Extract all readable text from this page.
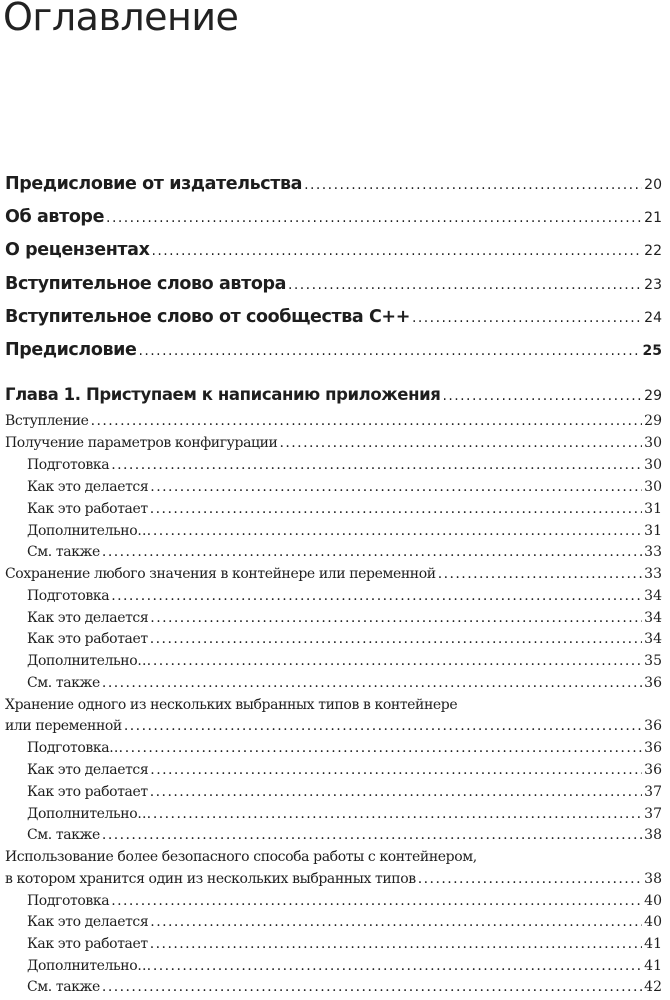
Оглавление
Предисловие от издательства . . .	20
Об авторе . . .	21
О рецензентах . . .	22
Вступительное слово автора . . .	23
Вступительное слово от сообщества C++ . . .	24
Предисловие . . .	25
Глава 1. Приступаем к написанию приложения . . .	29
Вступление . . .	29
Получение параметров конфигурации . . .	30
Подготовка . . .	30
Как это делается . . .	30
Как это работает . . .	31
Дополнительно… . . .	31
См. также . . .	33
Сохранение любого значения в контейнере или переменной . . .	33
Подготовка . . .	34
Как это делается . . .	34
Как это работает . . .	34
Дополнительно… . . .	35
См. также . . .	36
Хранение одного из нескольких выбранных типов в контейнере
или переменной . . .	36
Подготовка… . . .	36
Как это делается . . .	36
Как это работает . . .	37
Дополнительно… . . .	37
См. также . . .	38
Использование более безопасного способа работы с контейнером,
в котором хранится один из нескольких выбранных типов . . .	38
Подготовка . . .	40
Как это делается . . .	40
Как это работает . . .	41
Дополнительно… . . .	41
См. также . . .	42
